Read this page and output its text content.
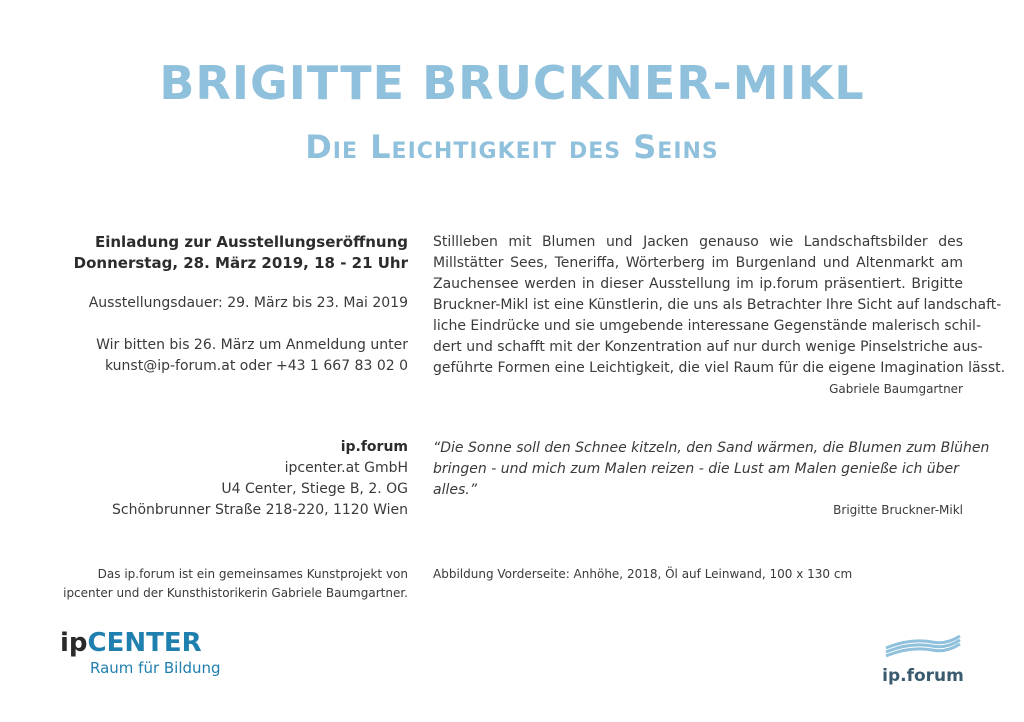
BRIGITTE BRUCKNER-MIKL
Die Leichtigkeit des Seins
Einladung zur Ausstellungseröffnung
Donnerstag, 28. März 2019, 18 - 21 Uhr
Ausstellungsdauer: 29. März bis 23. Mai 2019
Wir bitten bis 26. März um Anmeldung unter
kunst@ip-forum.at oder +43 1 667 83 02 0
ip.forum
ipcenter.at GmbH
U4 Center, Stiege B, 2. OG
Schönbrunner Straße 218-220, 1120 Wien
Das ip.forum ist ein gemeinsames Kunstprojekt von
ipcenter und der Kunsthistorikerin Gabriele Baumgartner.
Stillleben mit Blumen und Jacken genauso wie Landschaftsbilder des
Millstätter Sees, Teneriffa, Wörterberg im Burgenland und Altenmarkt am
Zauchensee werden in dieser Ausstellung im ip.forum präsentiert. Brigitte
Bruckner-Mikl ist eine Künstlerin, die uns als Betrachter Ihre Sicht auf landschaft-
liche Eindrücke und sie umgebende interessane Gegenstände malerisch schil-
dert und schafft mit der Konzentration auf nur durch wenige Pinselstriche aus-
geführte Formen eine Leichtigkeit, die viel Raum für die eigene Imagination lässt.
Gabriele Baumgartner
“Die Sonne soll den Schnee kitzeln, den Sand wärmen, die Blumen zum Blühen
bringen - und mich zum Malen reizen - die Lust am Malen genieße ich über
alles.”
Brigitte Bruckner-Mikl
Abbildung Vorderseite: Anhöhe, 2018, Öl auf Leinwand, 100 x 130 cm
ipCENTER
Raum für Bildung	ip.forum
